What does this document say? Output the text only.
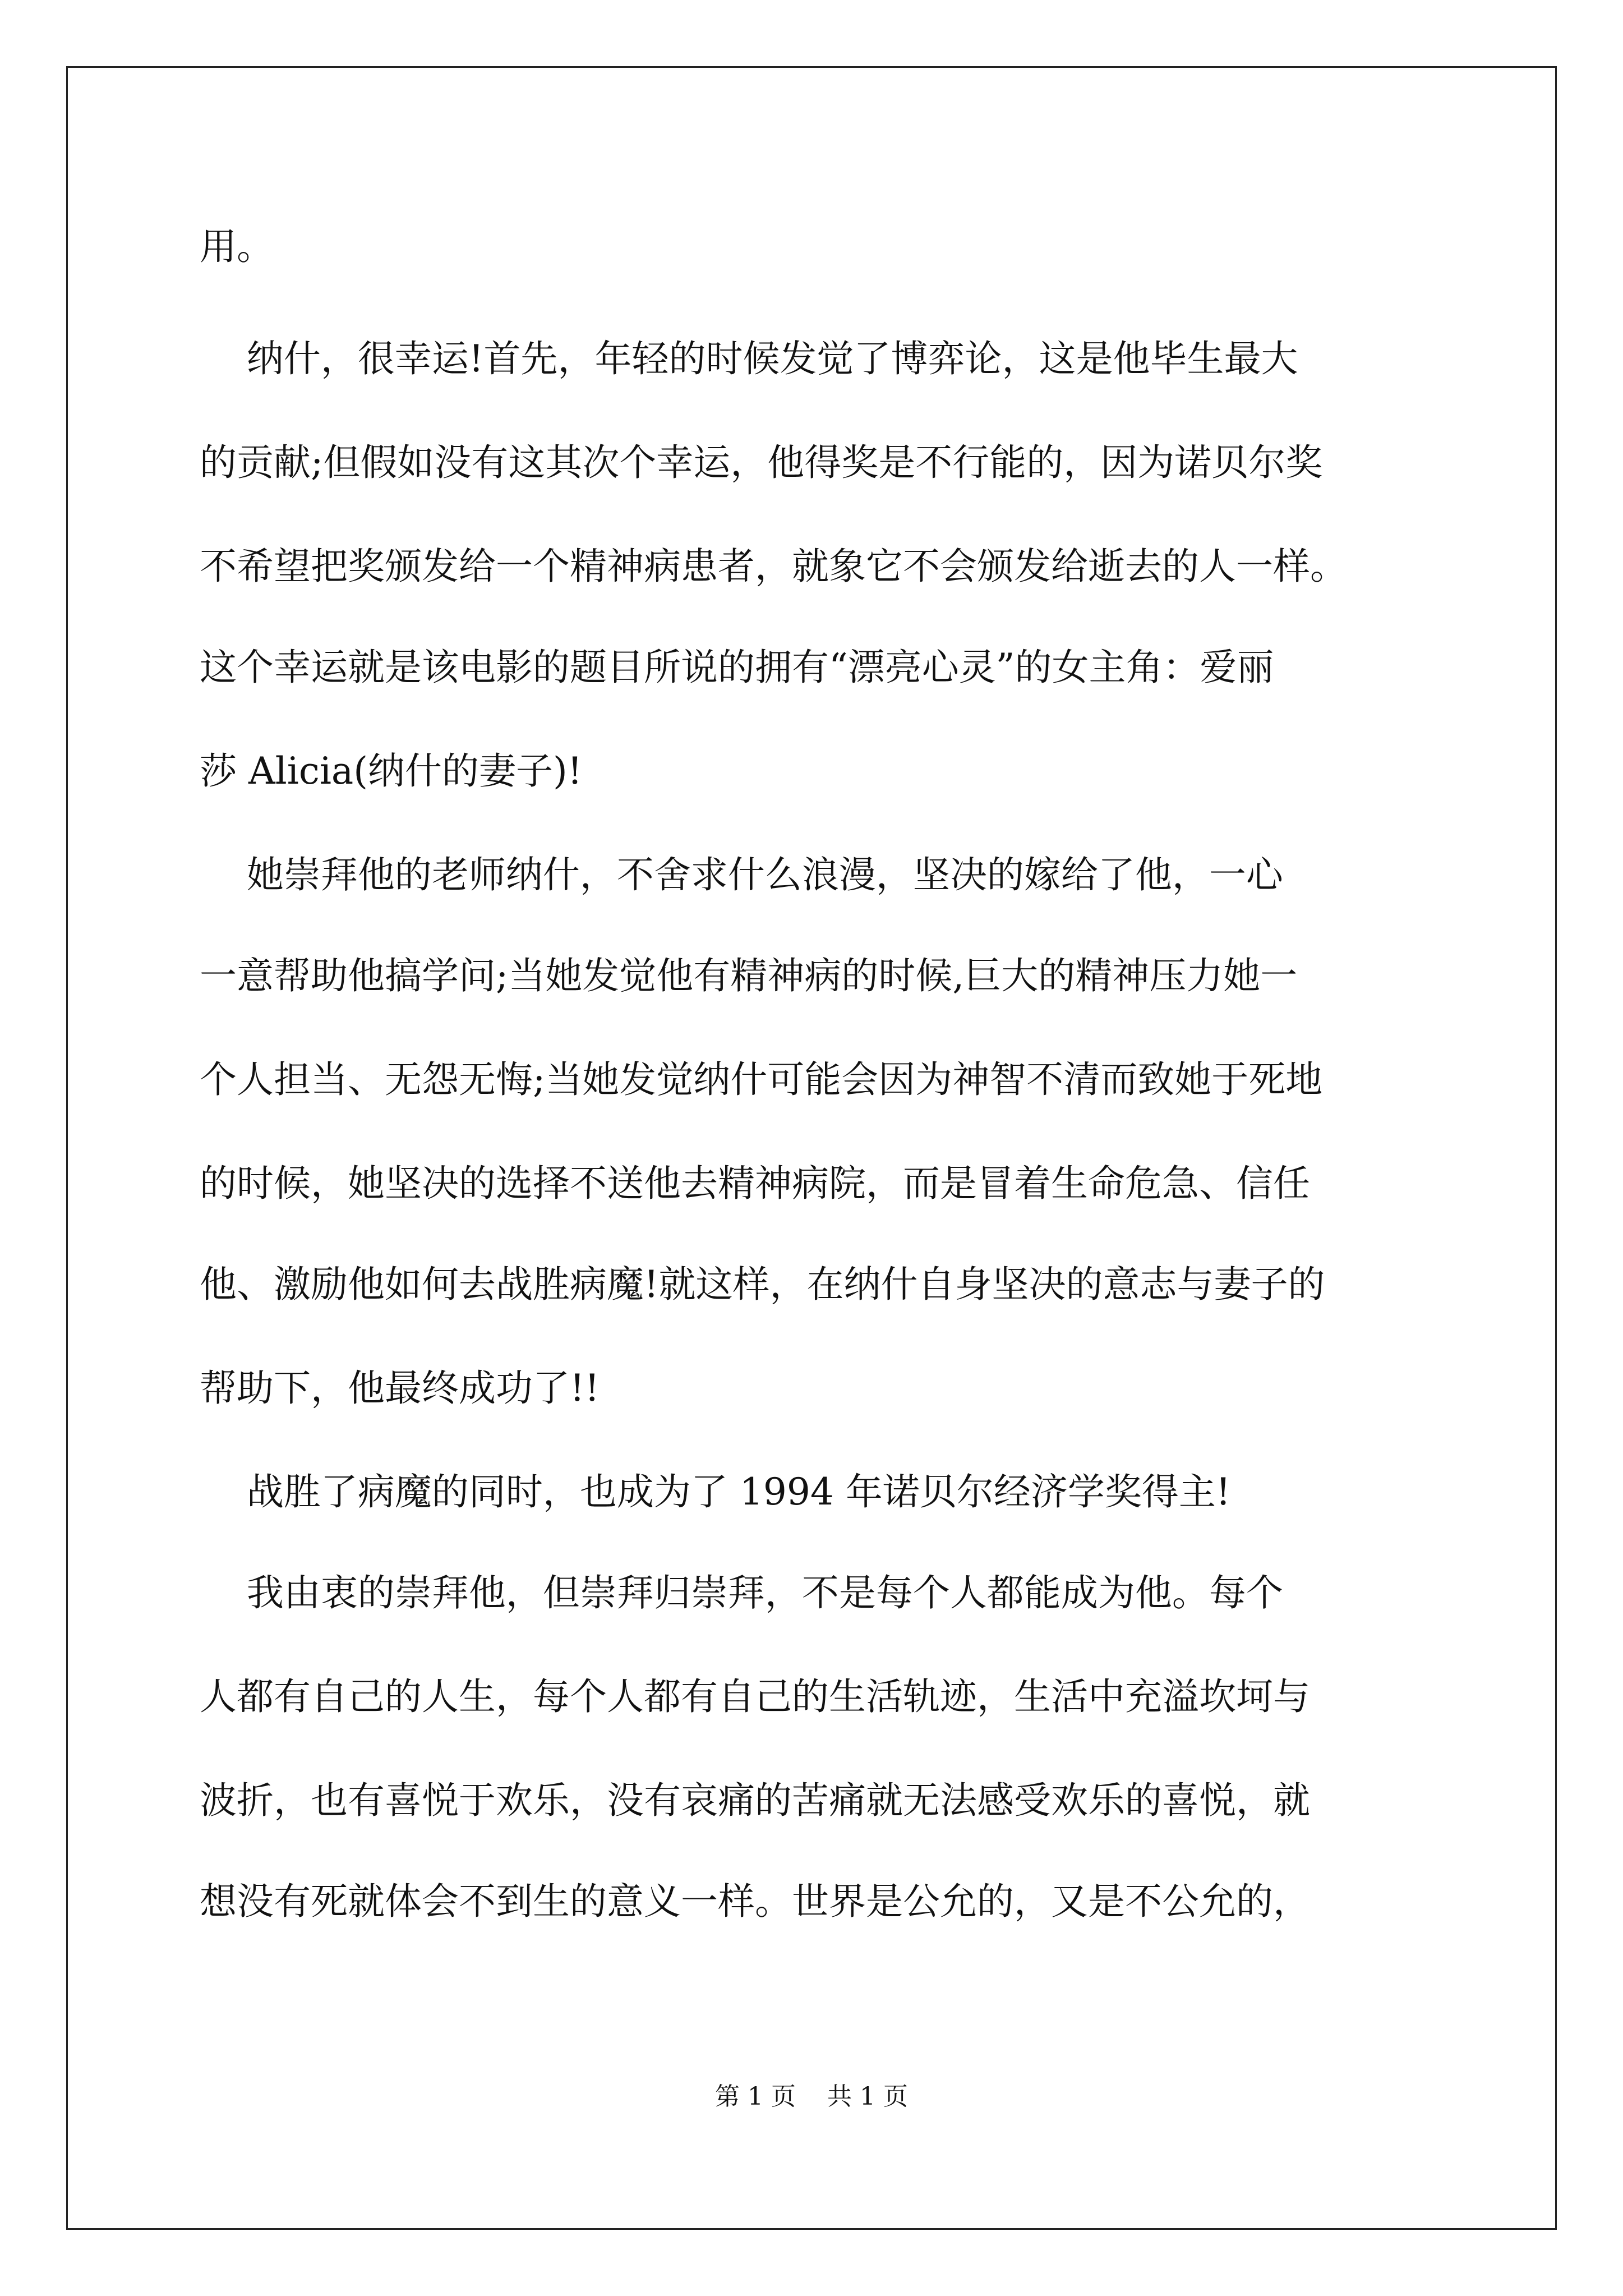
用。
纳什，很幸运!首先，年轻的时候发觉了博弈论，这是他毕生最大
的贡献;但假如没有这其次个幸运，他得奖是不行能的，因为诺贝尔奖
不希望把奖颁发给一个精神病患者，就象它不会颁发给逝去的人一样。
这个幸运就是该电影的题目所说的拥有“漂亮心灵”的女主角：爱丽
莎 Alicia(纳什的妻子)!
她崇拜他的老师纳什，不舍求什么浪漫，坚决的嫁给了他，一心
一意帮助他搞学问;当她发觉他有精神病的时候,巨大的精神压力她一
个人担当、无怨无悔;当她发觉纳什可能会因为神智不清而致她于死地
的时候，她坚决的选择不送他去精神病院，而是冒着生命危急、信任
他、激励他如何去战胜病魔!就这样，在纳什自身坚决的意志与妻子的
帮助下，他最终成功了!!
战胜了病魔的同时，也成为了 1994 年诺贝尔经济学奖得主!
我由衷的崇拜他，但崇拜归崇拜，不是每个人都能成为他。每个
人都有自己的人生，每个人都有自己的生活轨迹，生活中充溢坎坷与
波折，也有喜悦于欢乐，没有哀痛的苦痛就无法感受欢乐的喜悦，就
想没有死就体会不到生的意义一样。世界是公允的，又是不公允的，
第 1 页 共 1 页
